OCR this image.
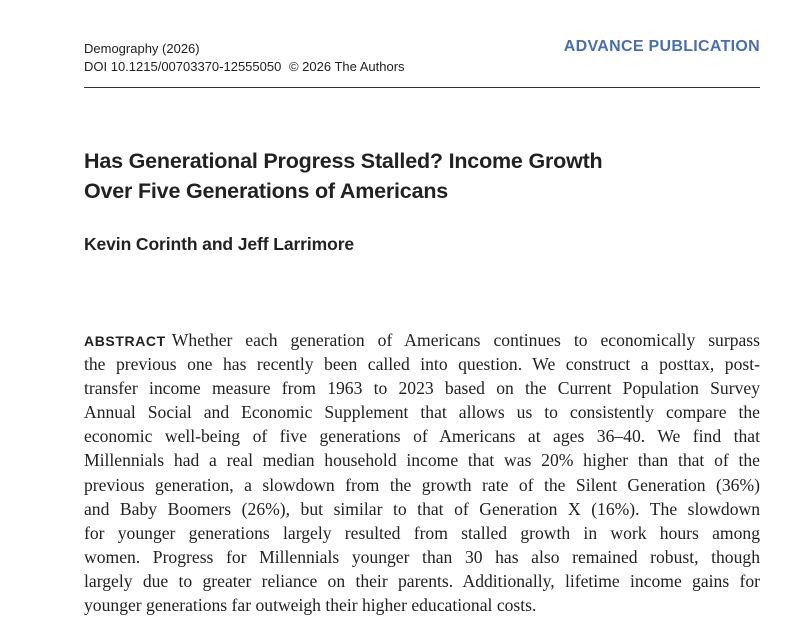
Demography (2026)
DOI 10.1215/00703370-12555050 © 2026 The Authors
ADVANCE PUBLICATION
Has Generational Progress Stalled? Income Growth
Over Five Generations of Americans
Kevin Corinth and Jeff Larrimore
ABSTRACT Whether each generation of Americans continues to economically surpass
the previous one has recently been called into question. We construct a posttax, post-
transfer income measure from 1963 to 2023 based on the Current Population Survey
Annual Social and Economic Supplement that allows us to consistently compare the
economic well-being of five generations of Americans at ages 36–40. We find that
Millennials had a real median household income that was 20% higher than that of the
previous generation, a slowdown from the growth rate of the Silent Generation (36%)
and Baby Boomers (26%), but similar to that of Generation X (16%). The slowdown
for younger generations largely resulted from stalled growth in work hours among
women. Progress for Millennials younger than 30 has also remained robust, though
largely due to greater reliance on their parents. Additionally, lifetime income gains for
younger generations far outweigh their higher educational costs.
